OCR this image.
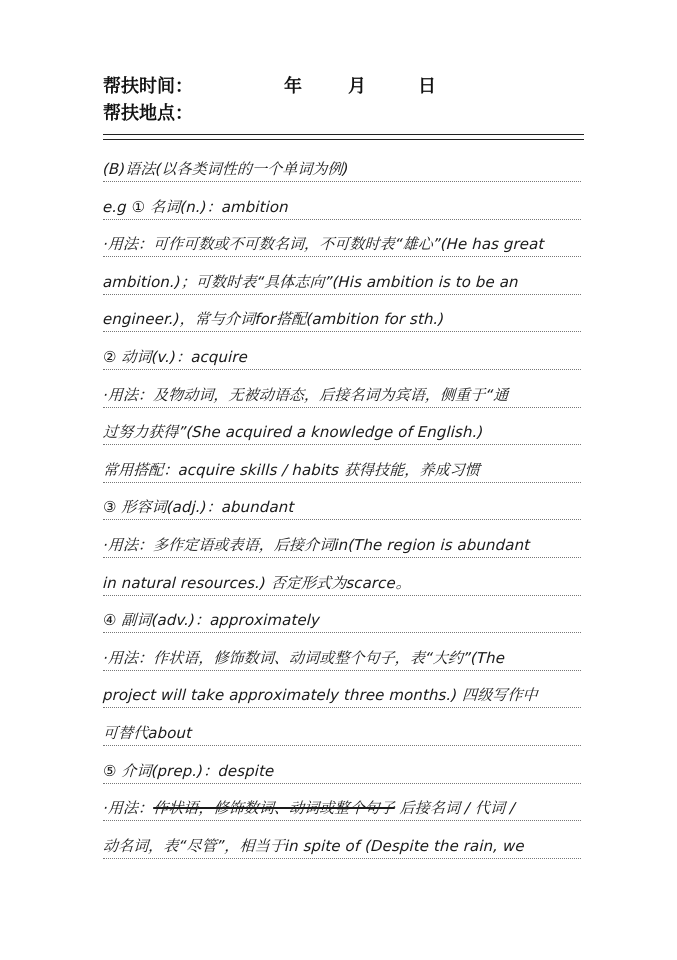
帮扶时间：	年	月	日
帮扶地点：
(B)语法(以各类词性的一个单词为例)
e.g ① 名词(n.)：ambition
·用法：可作可数或不可数名词，不可数时表“雄心”(He has great
ambition.)；可数时表“具体志向”(His ambition is to be an
engineer.)，常与介词for搭配(ambition for sth.)
② 动词(v.)：acquire
·用法：及物动词，无被动语态，后接名词为宾语，侧重于“通
过努力获得”(She acquired a knowledge of English.)
常用搭配：acquire skills / habits 获得技能，养成习惯
③ 形容词(adj.)：abundant
·用法：多作定语或表语，后接介词in(The region is abundant
in natural resources.) 否定形式为scarce。
④ 副词(adv.)：approximately
·用法：作状语，修饰数词、动词或整个句子，表“大约”(The
project will take approximately three months.) 四级写作中
可替代about
⑤ 介词(prep.)：despite
·用法：作状语，修饰数词、动词或整个句子 后接名词 / 代词 /
动名词，表“尽管”，相当于in spite of (Despite the rain, we
